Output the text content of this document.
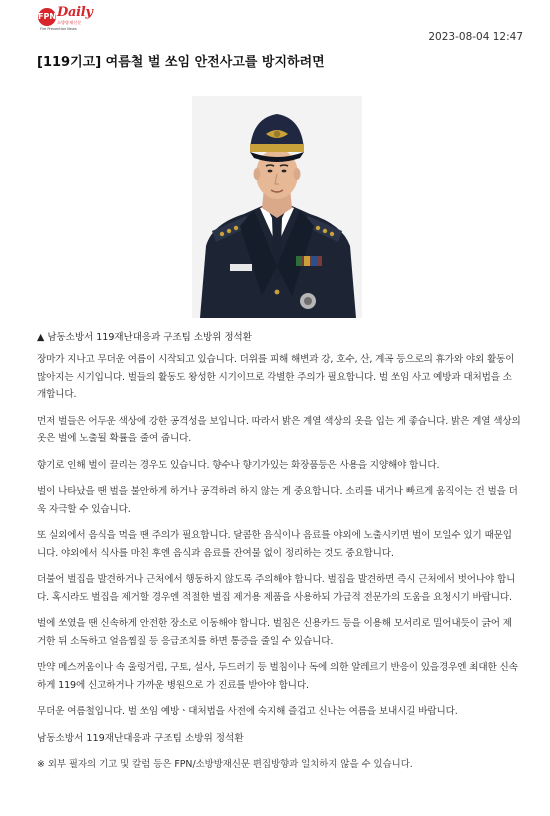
FPN Daily
소방방재신문
Fire Prevention News
2023-08-04 12:47
[119기고] 여름철 벌 쏘임 안전사고를 방지하려면
▲ 남동소방서 119재난대응과 구조팀 소방위 정석환

장마가 지나고 무더운 여름이 시작되고 있습니다. 더위를 피해 해변과 강, 호수, 산, 계곡 등으로의 휴가와 야외 활동이 많아지는 시기입니다. 벌들의 활동도 왕성한 시기이므로 각별한 주의가 필요합니다. 벌 쏘임 사고 예방과 대처법을 소개합니다.

먼저 벌들은 어두운 색상에 강한 공격성을 보입니다. 따라서 밝은 계열 색상의 옷을 입는 게 좋습니다. 밝은 계열 색상의 옷은 벌에 노출될 확률을 줄여 줍니다.

향기로 인해 벌이 끌리는 경우도 있습니다. 향수나 향기가있는 화장품등은 사용을 지양해야 합니다.

벌이 나타났을 땐 벌을 불안하게 하거나 공격하려 하지 않는 게 중요합니다. 소리를 내거나 빠르게 움직이는 건 벌을 더욱 자극할 수 있습니다.

또 실외에서 음식을 먹을 땐 주의가 필요합니다. 달콤한 음식이나 음료를 야외에 노출시키면 벌이 모일수 있기 때문입니다. 야외에서 식사를 마친 후엔 음식과 음료를 잔여물 없이 정리하는 것도 중요합니다.

더불어 벌집을 발견하거나 근처에서 행동하지 않도록 주의해야 합니다. 벌집을 발견하면 즉시 근처에서 벗어나야 합니다. 혹시라도 벌집을 제거할 경우엔 적절한 벌집 제거용 제품을 사용하되 가급적 전문가의 도움을 요청시기 바랍니다.

벌에 쏘였을 땐 신속하게 안전한 장소로 이동해야 합니다. 벌침은 신용카드 등을 이용해 모서리로 밀어내듯이 긁어 제거한 뒤 소독하고 얼음찜질 등 응급조치를 하면 통증을 줄일 수 있습니다.

만약 메스꺼움이나 속 울렁거림, 구토, 설사, 두드러기 등 벌침이나 독에 의한 알레르기 반응이 있을경우엔 최대한 신속하게 119에 신고하거나 가까운 병원으로 가 진료를 받아야 합니다.

무더운 여름철입니다. 벌 쏘임 예방ㆍ대처법을 사전에 숙지해 즐겁고 신나는 여름을 보내시길 바랍니다.

남동소방서 119재난대응과 구조팀 소방위 정석환

※ 외부 필자의 기고 및 칼럼 등은 FPN/소방방재신문 편집방향과 일치하지 않을 수 있습니다.
